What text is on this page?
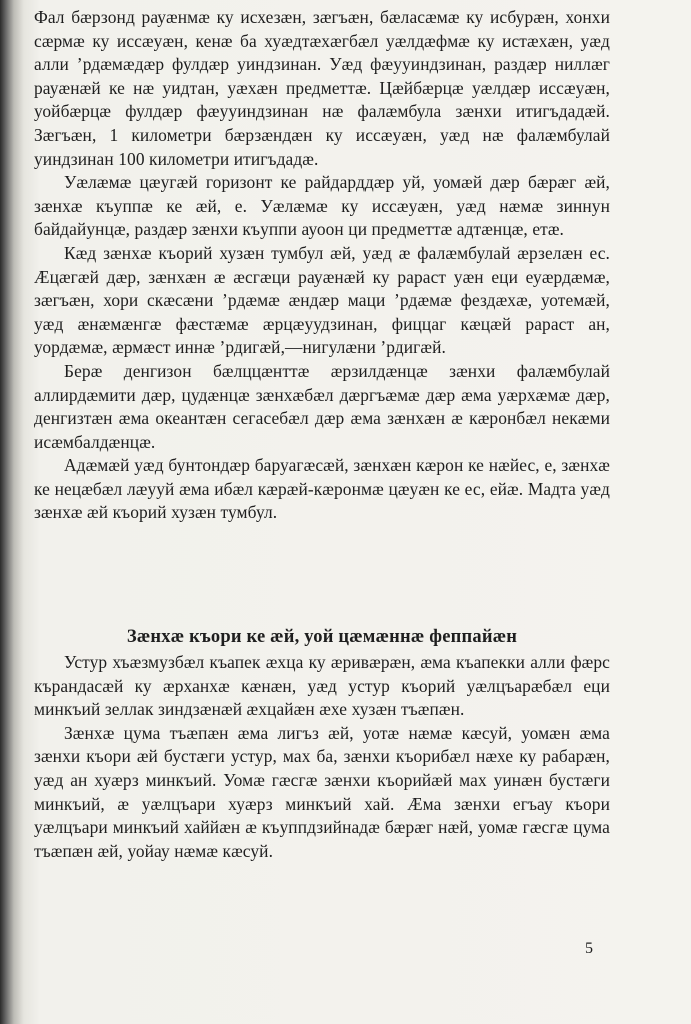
Фал бæрзонд рауæнмæ ку исхезæн, зæгъæн, бæласæмæ ку исбурæн, хонхи сæрмæ ку иссæуæн, кенæ ба хуæдтæхæгбæл уæлдæфмæ ку истæхæн, уæд алли ’рдæмæдæр фулдæр уиндзинан. Уæд фæууиндзинан, раздæр ниллæг рауæнæй ке нæ уидтан, уæхæн предметтæ. Цæйбæрцæ уæлдæр иссæуæн, уойбæрцæ фулдæр фæууиндзинан нæ фалæмбула зæнхи итигъдадæй. Зæгъæн, 1 километри бæрзæндæн ку иссæуæн, уæд нæ фалæмбулай уиндзинан 100 километри итигъдадæ.

Уæлæмæ цæугæй горизонт ке райдарддæр уй, уомæй дæр бæрæг æй, зæнхæ къуппæ ке æй, е. Уæлæмæ ку иссæуæн, уæд нæмæ зиннун байдайунцæ, раздæр зæнхи къуппи ауоон ци предметтæ адтæнцæ, етæ.

Кæд зæнхæ къорий хузæн тумбул æй, уæд æ фалæмбулай æрзелæн ес. Æцæгæй дæр, зæнхæн æ æсгæци рауæнæй ку рараст уæн еци еуæрдæмæ, зæгъæн, хори скæсæни ’рдæмæ æндæр маци ’рдæмæ фездæхæ, уотемæй, уæд æнæмæнгæ фæстæмæ æрцæуудзинан, фиццаг кæцæй рараст ан, уордæмæ, æрмæст иннæ ’рдигæй,—нигулæни ’рдигæй.

Берæ денгизон бæлццæнттæ æрзилдæнцæ зæнхи фалæмбулай аллирдæмити дæр, цудæнцæ зæнхæбæл дæргъæмæ дæр æма уæрхæмæ дæр, денгизтæн æма океантæн сегасебæл дæр æма зæнхæн æ кæронбæл некæми исæмбалдæнцæ.

Адæмæй уæд бунтондæр баруагæсæй, зæнхæн кæрон ке нæйес, е, зæнхæ ке нецæбæл лæууй æма ибæл кæрæй-кæронмæ цæуæн ке ес, ейæ. Мадта уæд зæнхæ æй къорий хузæн тумбул.

Зæнхæ къори ке æй, уой цæмæннæ феппайæн

Устур хъæзмузбæл къапек æхца ку æривæрæн, æма къапекки алли фæрс кърандасæй ку æрханхæ кæнæн, уæд устур къорий уæлцъарæбæл еци минкъий зеллак зиндзæнæй æхцайæн æхе хузæн тъæпæн.

Зæнхæ цума тъæпæн æма лигъз æй, уотæ нæмæ кæсуй, уомæн æма зæнхи къори æй бустæги устур, мах ба, зæнхи къорибæл нæхе ку рабарæн, уæд ан хуæрз минкъий. Уомæ гæсгæ зæнхи къорийæй мах уинæн бустæги минкъий, æ уæлцъари хуæрз минкъий хай. Æма зæнхи егъау къори уæлцъари минкъий хаййæн æ къуппдзийнадæ бæрæг нæй, уомæ гæсгæ цума тъæпæн æй, уойау нæмæ кæсуй.

5
